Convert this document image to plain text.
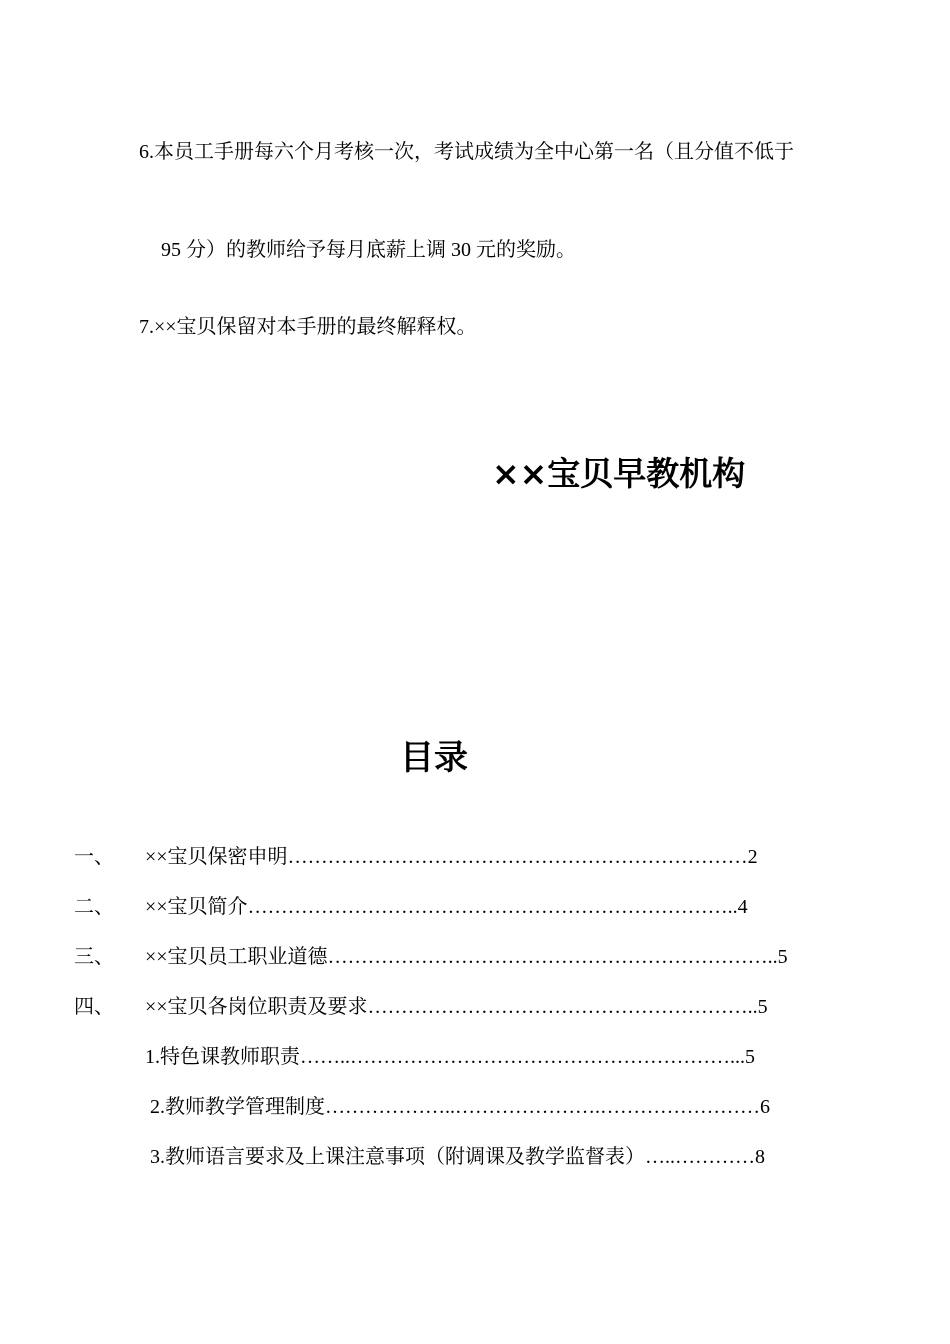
6.本员工手册每六个月考核一次，考试成绩为全中心第一名（且分值不低于
95 分）的教师给予每月底薪上调 30 元的奖励。
7.××宝贝保留对本手册的最终解释权。
××宝贝早教机构
目录
一、 ××宝贝保密申明……………………………………………………………2
二、 ××宝贝简介………………………………………………………………..4
三、 ××宝贝员工职业道德…………………………………………………………..5
四、 ××宝贝各岗位职责及要求…………………………………………………..5
1.特色课教师职责……..…………………………………………………...5
2.教师教学管理制度………………..………………….……………………6
3.教师语言要求及上课注意事项（附调课及教学监督表）…..…………8
